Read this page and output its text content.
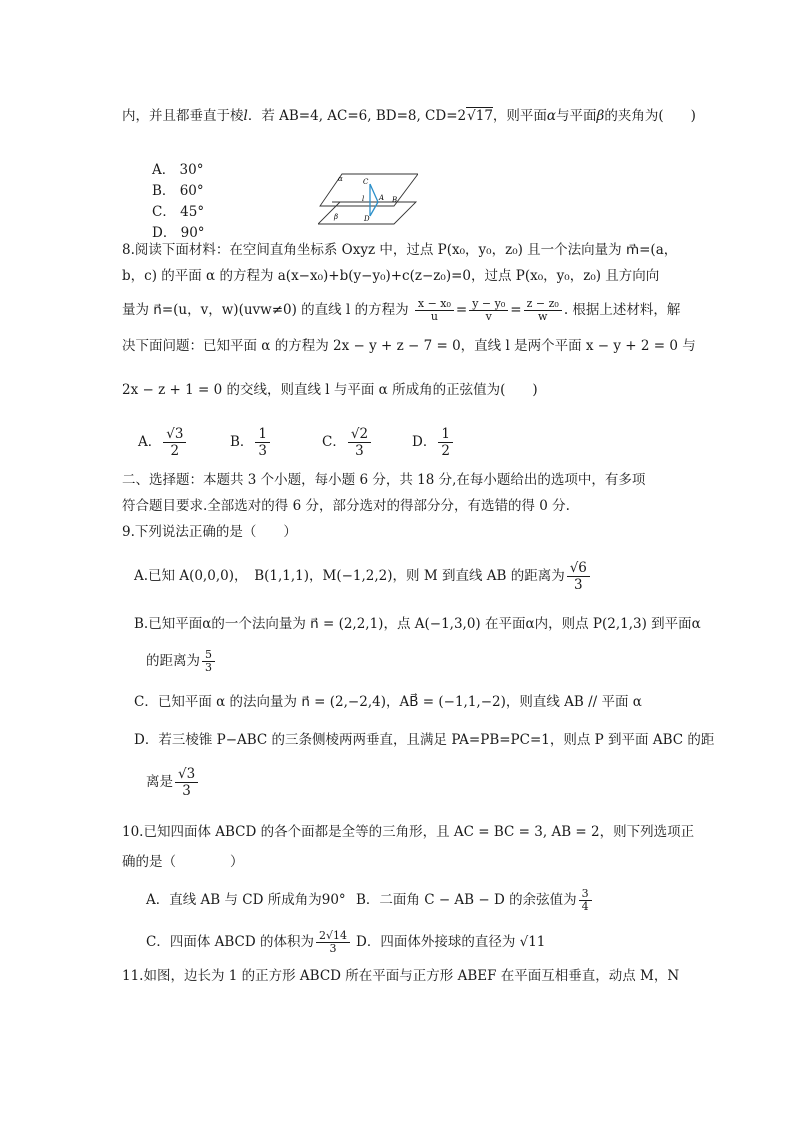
内，并且都垂直于棱l．若 AB=4, AC=6, BD=8, CD=2√17，则平面α与平面β的夹角为(　　)
A． 30°
B． 60°
C． 45°
D． 90°
α	C
A B
l
D
β
8.阅读下面材料：在空间直角坐标系 Oxyz 中，过点 P(x₀，y₀，z₀) 且一个法向量为 m⃗=(a，
b，c) 的平面 α 的方程为 a(x−x₀)+b(y−y₀)+c(z−z₀)=0，过点 P(x₀，y₀，z₀) 且方向向
量为 n⃗=(u，v，w)(uvw≠0) 的直线 l 的方程为 $\frac{\text{x − x₀}}{u} = \frac{\text{y − y₀}}{v} = \frac{\text{z − z₀}}{w}$ . 根据上述材料，解
决下面问题：已知平面 α 的方程为 2x − y + z − 7 = 0，直线 l 是两个平面 x − y + 2 = 0 与
2x − z + 1 = 0 的交线，则直线 l 与平面 α 所成角的正弦值为(　　)
A． $\frac{√3}{2}$	B． $\frac{1}{3}$	C． $\frac{√2}{3}$	D． $\frac{1}{2}$
二、选择题：本题共 3 个小题，每小题 6 分，共 18 分,在每小题给出的选项中，有多项
符合题目要求.全部选对的得 6 分，部分选对的得部分分，有选错的得 0 分.
9.下列说法正确的是（　　）
A.已知 A(0,0,0)，　B(1,1,1)，M(−1,2,2)，则 M 到直线 AB 的距离为 $\frac{√6}{3}$
B.已知平面α的一个法向量为 n⃗ = (2,2,1)，点 A(−1,3,0) 在平面α内，则点 P(2,1,3) 到平面α
的距离为 $\frac{5}{3}$
C．已知平面 α 的法向量为 n⃗ = (2,−2,4)，AB⃗ = (−1,1,−2)，则直线 AB // 平面 α
D．若三棱锥 P−ABC 的三条侧棱两两垂直，且满足 PA=PB=PC=1，则点 P 到平面 ABC 的距
离是 $\frac{√3}{3}$
10.已知四面体 ABCD 的各个面都是全等的三角形，且 AC = BC = 3, AB = 2，则下列选项正
确的是（　　　　）
A．直线 AB 与 CD 所成角为90° B．二面角 C − AB − D 的余弦值为 $\frac{3}{4}$
C．四面体 ABCD 的体积为 $\frac{2√14}{3}$ D．四面体外接球的直径为 √11
11.如图，边长为 1 的正方形 ABCD 所在平面与正方形 ABEF 在平面互相垂直，动点 M，N
